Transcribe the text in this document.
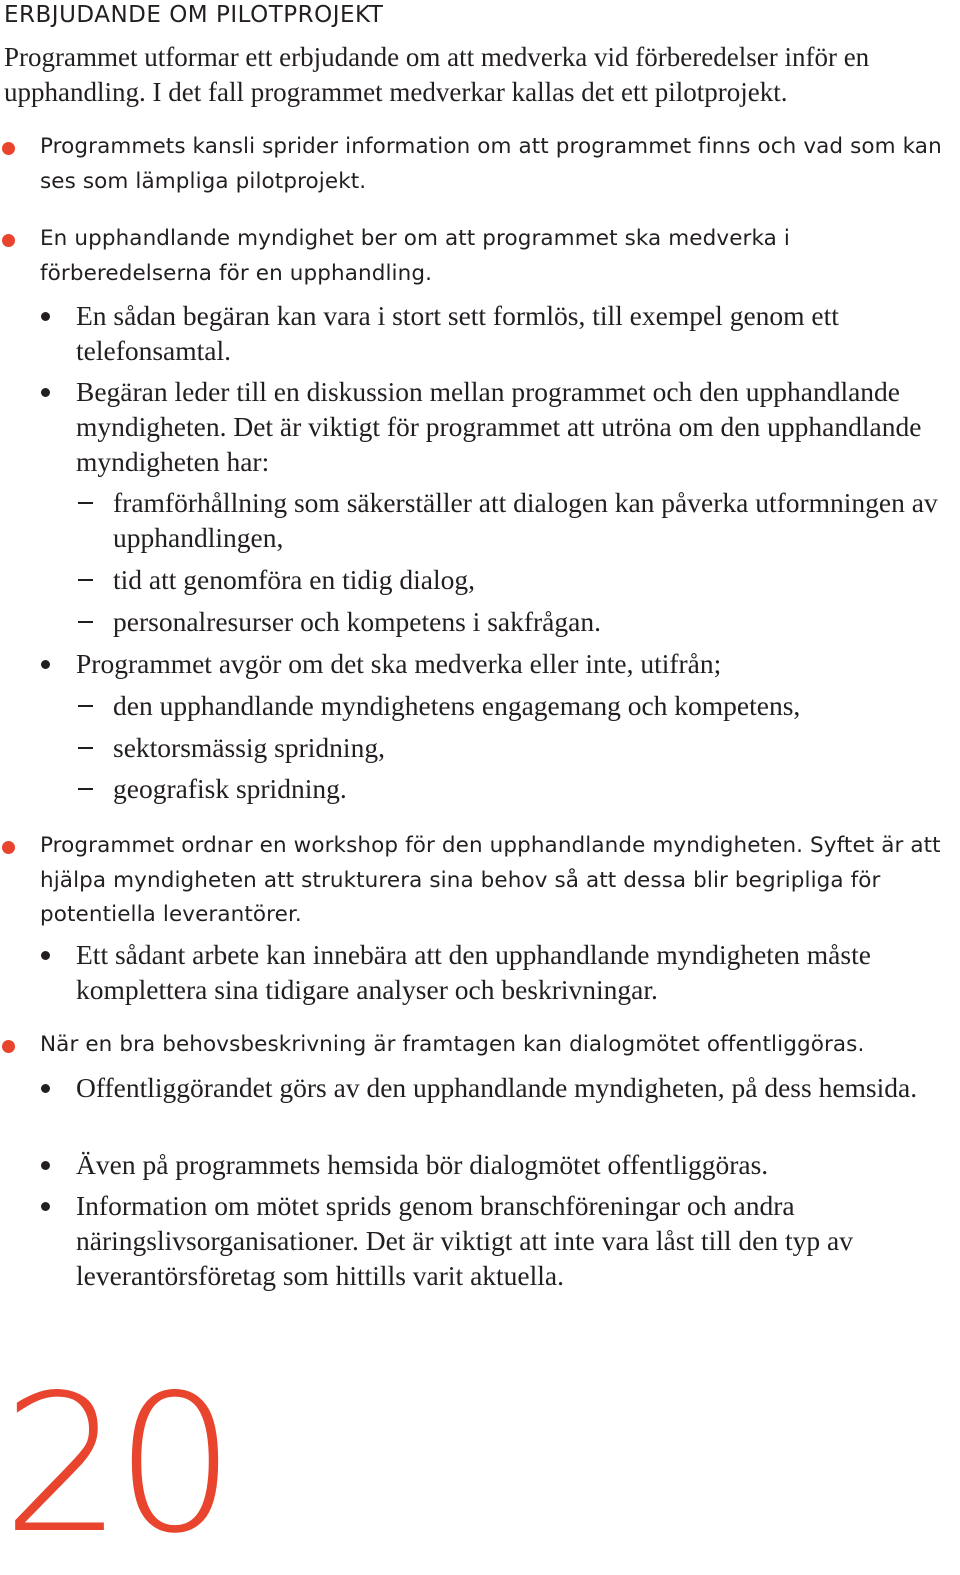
ERBJUDANDE OM PILOTPROJEKT

Programmet utformar ett erbjudande om att medverka vid förberedelser inför en upphandling. I det fall programmet medverkar kallas det ett pilotprojekt.

Programmets kansli sprider information om att programmet finns och vad som kan ses som lämpliga pilotprojekt.

En upphandlande myndighet ber om att programmet ska medverka i förberedelserna för en upphandling.

En sådan begäran kan vara i stort sett formlös, till exempel genom ett telefonsamtal.

Begäran leder till en diskussion mellan programmet och den upphandlande myndigheten. Det är viktigt för programmet att utröna om den upphandlande myndigheten har:

framförhållning som säkerställer att dialogen kan påverka utformningen av upphandlingen,

tid att genomföra en tidig dialog,

personalresurser och kompetens i sakfrågan.

Programmet avgör om det ska medverka eller inte, utifrån;

den upphandlande myndighetens engagemang och kompetens,

sektorsmässig spridning,

geografisk spridning.

Programmet ordnar en workshop för den upphandlande myndigheten. Syftet är att hjälpa myndigheten att strukturera sina behov så att dessa blir begripliga för potentiella leverantörer.

Ett sådant arbete kan innebära att den upphandlande myndigheten måste komplettera sina tidigare analyser och beskrivningar.

När en bra behovsbeskrivning är framtagen kan dialogmötet offentliggöras.

Offentliggörandet görs av den upphandlande myndigheten, på dess hemsida.

Även på programmets hemsida bör dialogmötet offentliggöras.

Information om mötet sprids genom branschföreningar och andra näringslivsorganisationer. Det är viktigt att inte vara låst till den typ av leverantörsföretag som hittills varit aktuella.

20
